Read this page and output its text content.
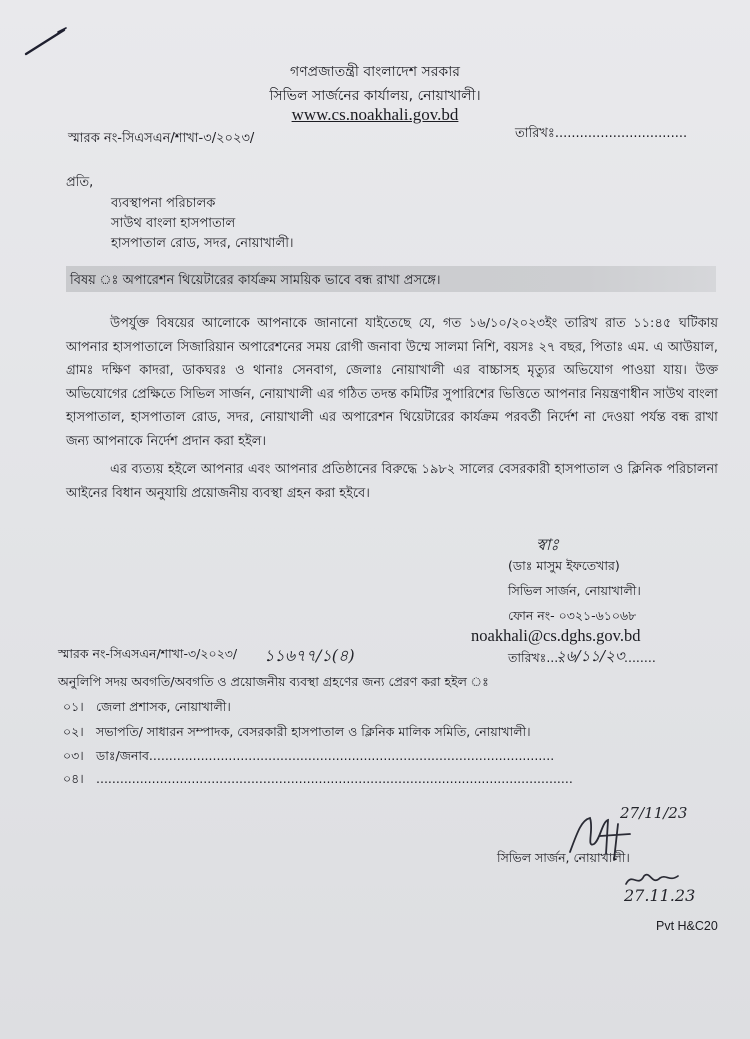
গণপ্রজাতন্ত্রী বাংলাদেশ সরকার
সিভিল সার্জনের কার্যালয়, নোয়াখালী।
www.cs.noakhali.gov.bd
স্মারক নং-সিএসএন/শাখা-৩/২০২৩/	তারিখঃ................................
প্রতি,
ব্যবস্থাপনা পরিচালক
সাউথ বাংলা হাসপাতাল
হাসপাতাল রোড, সদর, নোয়াখালী।
বিষয় ঃ অপারেশন থিয়েটারের কার্যক্রম সাময়িক ভাবে বন্ধ রাখা প্রসঙ্গে।
উপর্যুক্ত বিষয়ের আলোকে আপনাকে জানানো যাইতেছে যে, গত ১৬/১০/২০২৩ইং তারিখ রাত ১১:৪৫ ঘটিকায় আপনার হাসপাতালে সিজারিয়ান অপারেশনের সময় রোগী জনাবা উম্মে সালমা নিশি, বয়সঃ ২৭ বছর, পিতাঃ এম. এ আউয়াল, গ্রামঃ দক্ষিণ কাদরা, ডাকঘরঃ ও থানাঃ সেনবাগ, জেলাঃ নোয়াখালী এর বাচ্চাসহ মৃত্যুর অভিযোগ পাওয়া যায়। উক্ত অভিযোগের প্রেক্ষিতে সিভিল সার্জন, নোয়াখালী এর গঠিত তদন্ত কমিটির সুপারিশের ভিত্তিতে আপনার নিয়ন্ত্রণাধীন সাউথ বাংলা হাসপাতাল, হাসপাতাল রোড, সদর, নোয়াখালী এর অপারেশন থিয়েটারের কার্যক্রম পরবর্তী নির্দেশ না দেওয়া পর্যন্ত বন্ধ রাখা জন্য আপনাকে নির্দেশ প্রদান করা হইল।
এর ব্যত্যয় হইলে আপনার এবং আপনার প্রতিষ্ঠানের বিরুদ্ধে ১৯৮২ সালের বেসরকারী হাসপাতাল ও ক্লিনিক পরিচালনা আইনের বিধান অনুযায়ি প্রয়োজনীয় ব্যবস্থা গ্রহন করা হইবে।
স্বাঃ
(ডাঃ মাসুম ইফতেখার)
সিভিল সার্জন, নোয়াখালী।
ফোন নং- ০৩২১-৬১০৬৮
noakhali@cs.dghs.gov.bd
স্মারক নং-সিএসএন/শাখা-৩/২০২৩/ ১১৬৭৭/১(৪)	তারিখঃ....
২৬/১১/২৩ ........
অনুলিপি সদয় অবগতি/অবগতি ও প্রয়োজনীয় ব্যবস্থা গ্রহণের জন্য প্রেরণ করা হইল ঃ
০১। জেলা প্রশাসক, নোয়াখালী।
০২। সভাপতি/ সাধারন সম্পাদক, বেসরকারী হাসপাতাল ও ক্লিনিক মালিক সমিতি, নোয়াখালী।
০৩। ডাঃ/জনাব......................................................................................................
০৪। ........................................................................................................................
27/11/23
সিভিল সার্জন, নোয়াখালী।
27.11.23
Pvt H&C20
